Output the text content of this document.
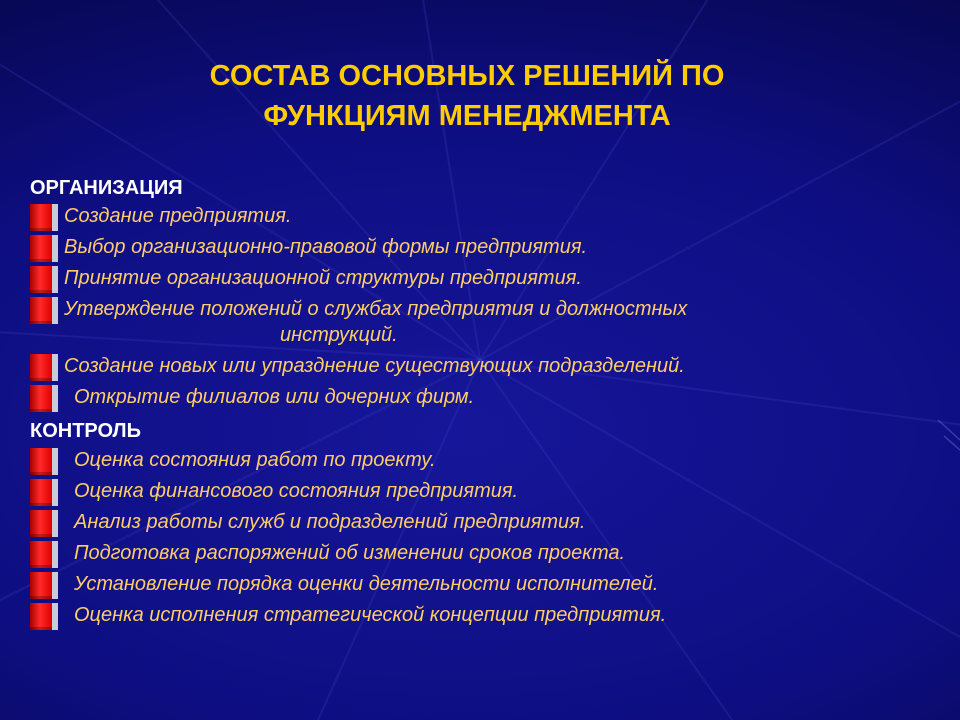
СОСТАВ ОСНОВНЫХ РЕШЕНИЙ ПО
ФУНКЦИЯМ МЕНЕДЖМЕНТА
ОРГАНИЗАЦИЯ
Создание предприятия.
Выбор организационно-правовой формы предприятия.
Принятие организационной структуры предприятия.
Утверждение положений о службах предприятия и должностных
инструкций.
Создание новых или упразднение существующих подразделений.
Открытие филиалов или дочерних фирм.
КОНТРОЛЬ
Оценка состояния работ по проекту.
Оценка финансового состояния предприятия.
Анализ работы служб и подразделений предприятия.
Подготовка распоряжений об изменении сроков проекта.
Установление порядка оценки деятельности исполнителей.
Оценка исполнения стратегической концепции предприятия.
